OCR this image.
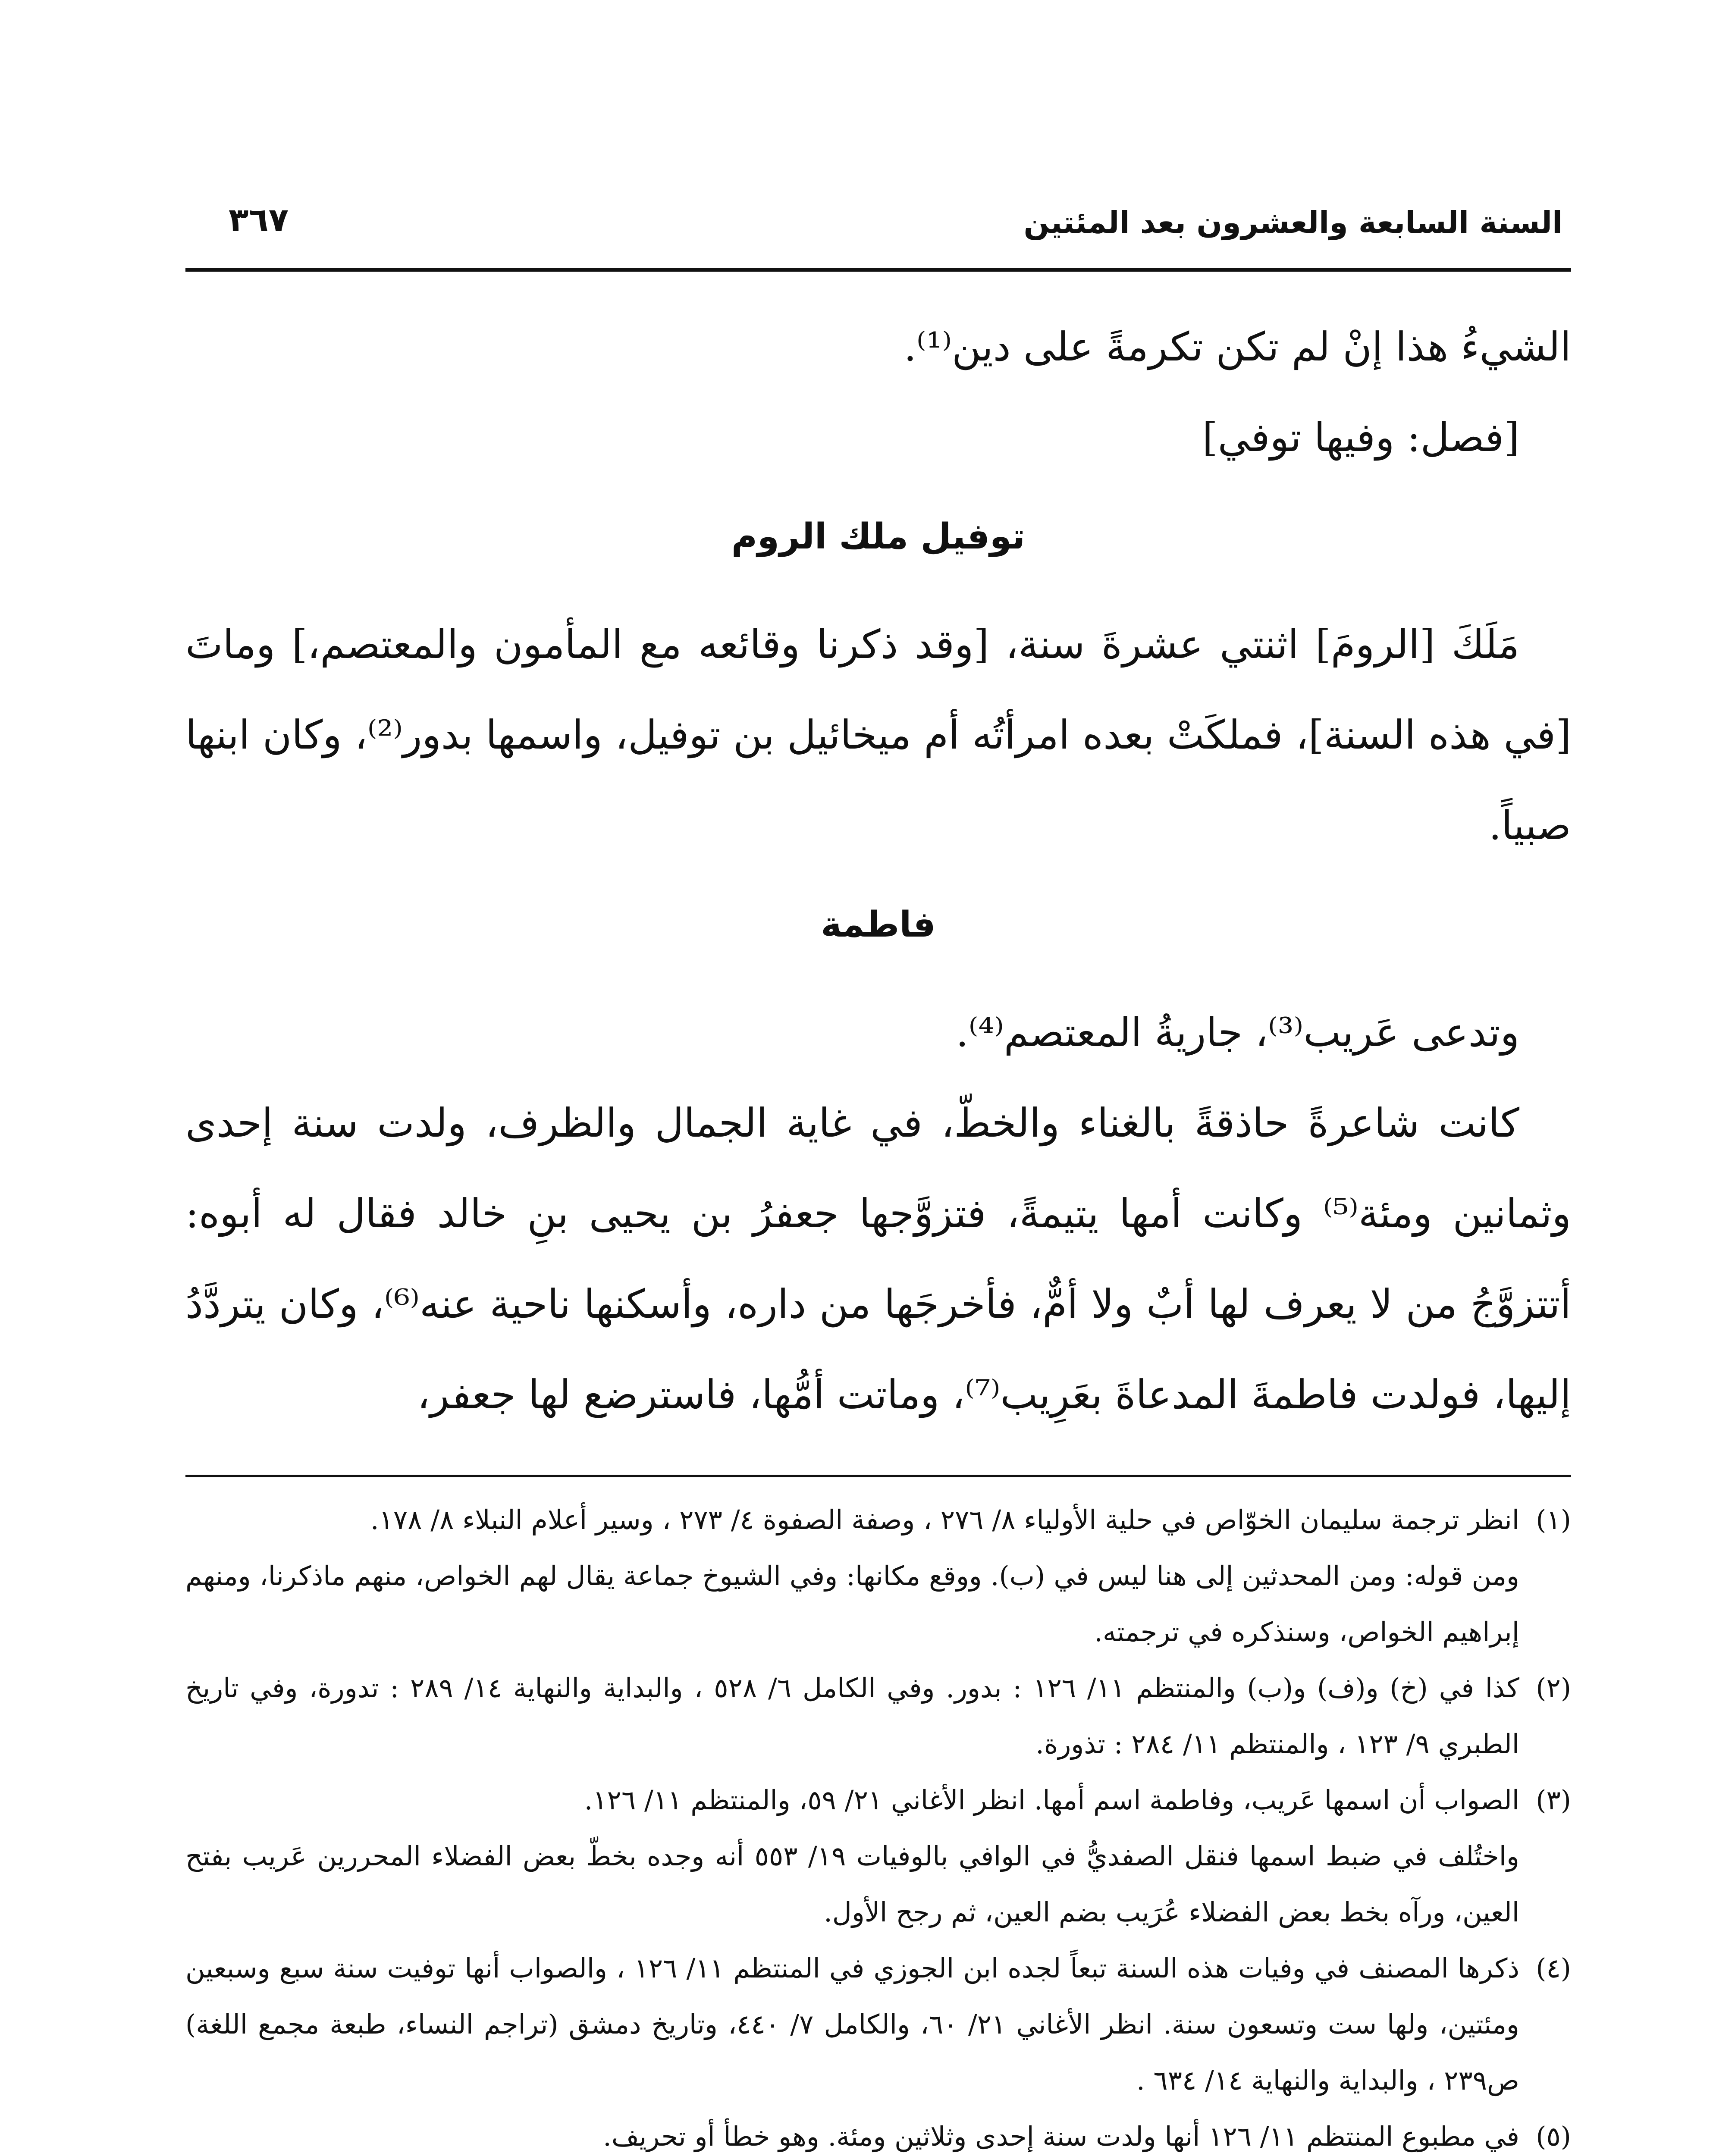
السنة السابعة والعشرون بعد المئتين
٣٦٧

الشيءُ هذا إنْ لم تكن تكرمةً على دين⁽¹⁾.

[فصل: وفيها توفي]

توفيل ملك الروم

مَلَكَ [الرومَ] اثنتي عشرةَ سنة، [وقد ذكرنا وقائعه مع المأمون والمعتصم،] وماتَ [في هذه السنة]، فملكَتْ بعده امرأتُه أم ميخائيل بن توفيل، واسمها بدور⁽²⁾، وكان ابنها صبياً.

فاطمة

وتدعى عَريب⁽³⁾، جاريةُ المعتصم⁽⁴⁾.

كانت شاعرةً حاذقةً بالغناء والخطّ، في غاية الجمال والظرف، ولدت سنة إحدى وثمانين ومئة⁽⁵⁾ وكانت أمها يتيمةً، فتزوَّجها جعفرُ بن يحيى بنِ خالد فقال له أبوه: أتتزوَّجُ من لا يعرف لها أبٌ ولا أمٌّ، فأخرجَها من داره، وأسكنها ناحية عنه⁽⁶⁾، وكان يتردَّدُ إليها، فولدت فاطمةَ المدعاةَ بعَرِيب⁽⁷⁾، وماتت أمُّها، فاسترضع لها جعفر،

(١)انظر ترجمة سليمان الخوّاص في حلية الأولياء ٨/ ٢٧٦ ، وصفة الصفوة ٤/ ٢٧٣ ، وسير أعلام النبلاء ٨/ ١٧٨.

ومن قوله: ومن المحدثين إلى هنا ليس في (ب). ووقع مكانها: وفي الشيوخ جماعة يقال لهم الخواص، منهم ماذكرنا، ومنهم إبراهيم الخواص، وسنذكره في ترجمته.

(٢)كذا في (خ) و(ف) و(ب) والمنتظم ١١/ ١٢٦ : بدور. وفي الكامل ٦/ ٥٢٨ ، والبداية والنهاية ١٤/ ٢٨٩ : تدورة، وفي تاريخ الطبري ٩/ ١٢٣ ، والمنتظم ١١/ ٢٨٤ : تذورة.

(٣)الصواب أن اسمها عَريب، وفاطمة اسم أمها. انظر الأغاني ٢١/ ٥٩، والمنتظم ١١/ ١٢٦.

واختُلف في ضبط اسمها فنقل الصفديُّ في الوافي بالوفيات ١٩/ ٥٥٣ أنه وجده بخطّ بعض الفضلاء المحررين عَريب بفتح العين، ورآه بخط بعض الفضلاء عُرَيب بضم العين، ثم رجح الأول.

(٤)ذكرها المصنف في وفيات هذه السنة تبعاً لجده ابن الجوزي في المنتظم ١١/ ١٢٦ ، والصواب أنها توفيت سنة سبع وسبعين ومئتين، ولها ست وتسعون سنة. انظر الأغاني ٢١/ ٦٠، والكامل ٧/ ٤٤٠، وتاريخ دمشق (تراجم النساء، طبعة مجمع اللغة) ص٢٣٩ ، والبداية والنهاية ١٤/ ٦٣٤ .

(٥)في مطبوع المنتظم ١١/ ١٢٦ أنها ولدت سنة إحدى وثلاثين ومئة. وهو خطأ أو تحريف.
